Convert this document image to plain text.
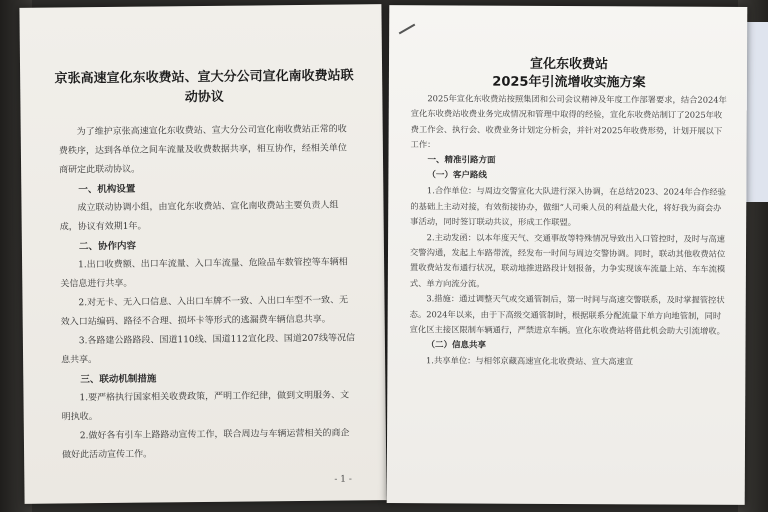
京张高速宣化东收费站、宣大分公司宣化南收费站联动协议

为了维护京张高速宣化东收费站、宣大分公司宣化南收费站正常的收费秩序，达到各单位之间车流量及收费数据共享，相互协作，经相关单位商研定此联动协议。

一、机构设置

成立联动协调小组，由宣化东收费站、宣化南收费站主要负责人组成，协议有效期1年。

二、协作内容

1.出口收费额、出口车流量、入口车流量、危险品车数管控等车辆相关信息进行共享。

2.对无卡、无入口信息、入出口车牌不一致、入出口车型不一致、无效入口站编码、路径不合理、损坏卡等形式的逃漏费车辆信息共享。

3.各路建公路路段、国道110线、国道112宣化段、国道207线等况信息共享。

三、联动机制措施

1.要严格执行国家相关收费政策，严明工作纪律，做到文明服务、文明执收。

2.做好各有引车上路路动宣传工作，联合周边与车辆运营相关的商企做好此活动宣传工作。

- 1 -
宣化东收费站
2025年引流增收实施方案

2025年宣化东收费站按照集团和公司会议精神及年度工作部署要求，结合2024年宣化东收费站收费业务完成情况和管理中取得的经验，宣化东收费站制订了2025年收费工作会、执行会、收费业务计划定分析会，并针对2025年收费形势，计划开展以下工作：

一、精准引路方面
（一）客户路线

1.合作单位：与周边交警宣化大队进行深入协调，在总结2023、2024年合作经验的基础上主动对接，有效衔接协办，做细“人司乘人员的利益最大化，将好我为商会办事活动，同时签订联动共议，形成工作联盟。

2.主动发函：以本年度天气、交通事故等特殊情况导致出入口管控时，及时与高速交警沟通，发起上车路带流，经发布一时间与周边交警协调。同时，联动其他收费站位置收费站发布通行状况，联动地推进路段计划报备，力争实现该车流量上站、车车流模式、单方向流分流。

3.措施：通过调整天气或交通管制后，第一时间与高速交警联系，及时掌握管控状态。2024年以来，由于下高级交通管制时，根据联系分配流量下单方向地管制，同时宣化区主接区限制车辆通行，严禁进京车辆。宣化东收费站将借此机会助大引流增收。

（二）信息共享

1.共享单位：与相邻京藏高速宣化北收费站、宣大高速宣
